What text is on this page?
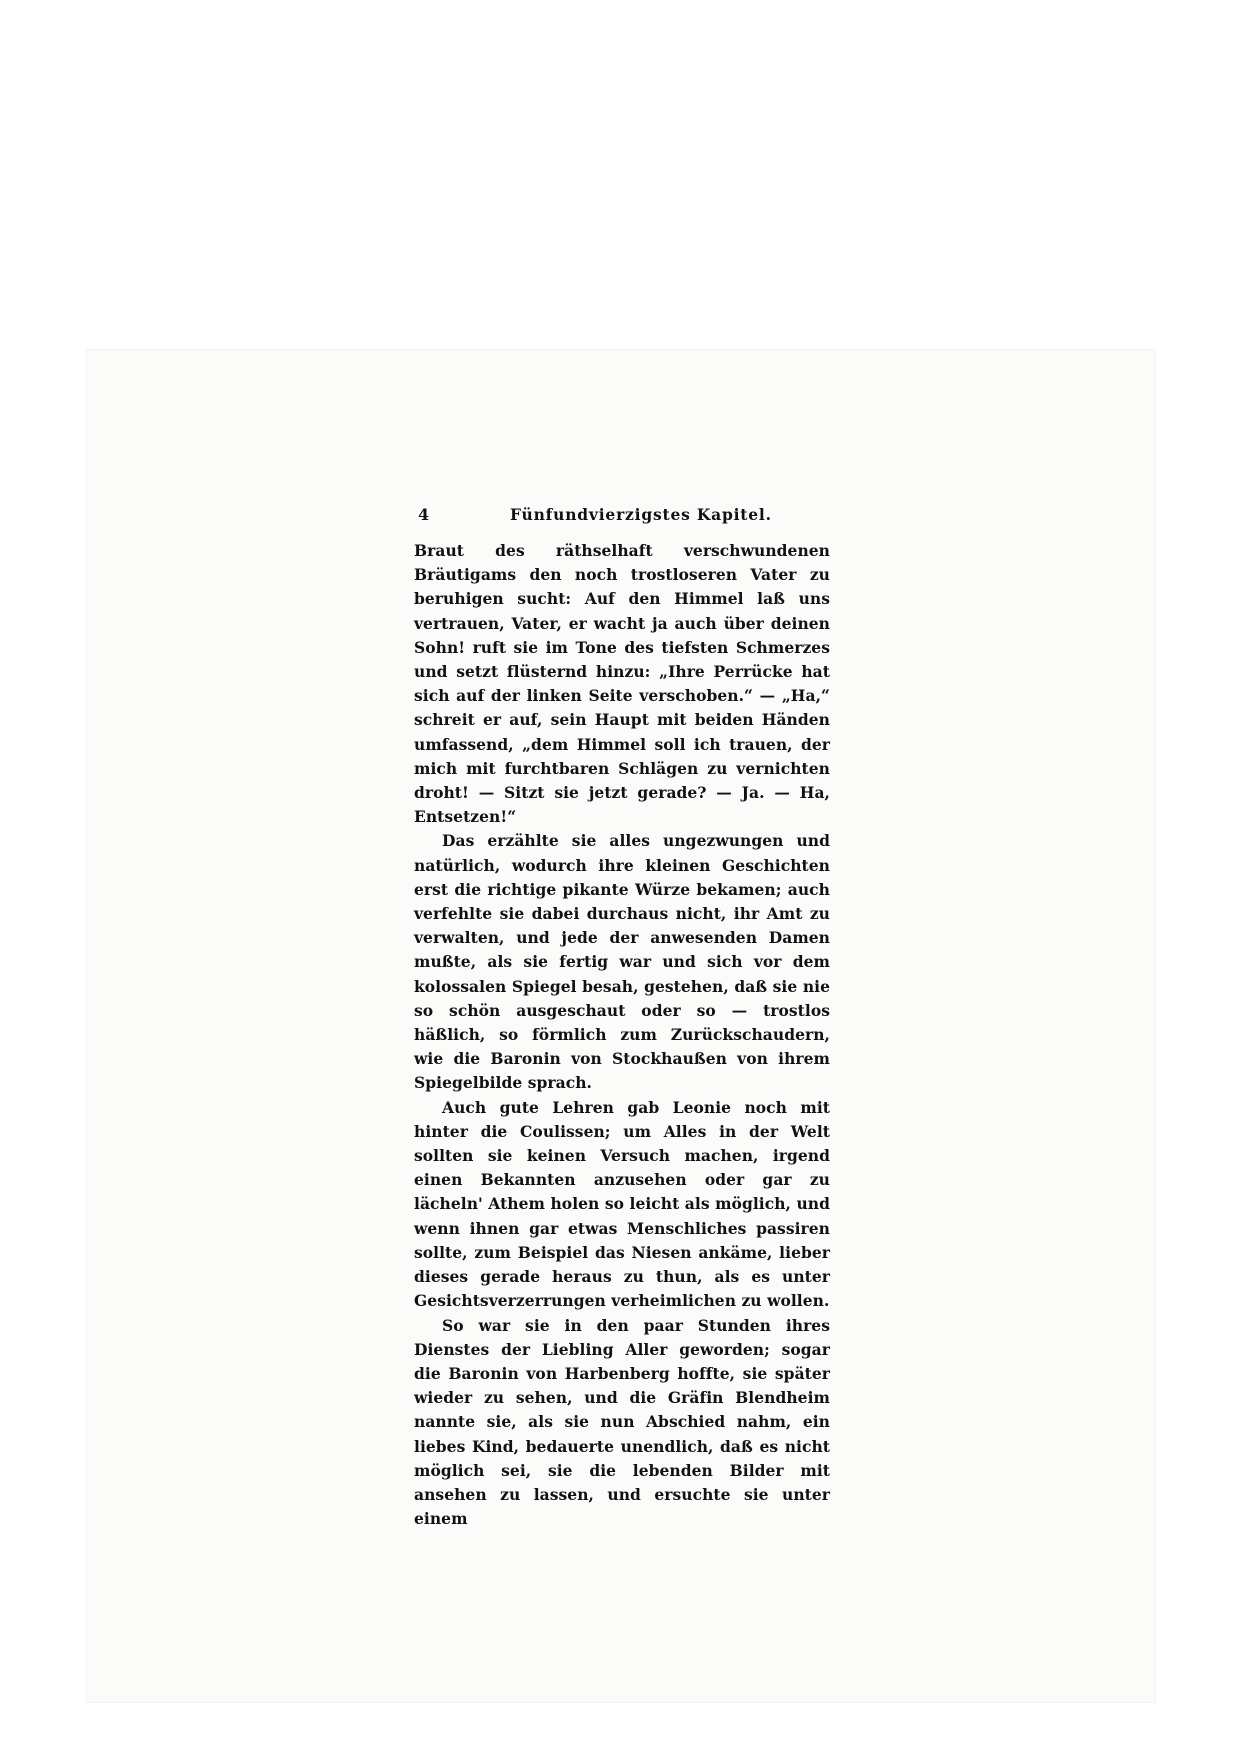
4	Fünfundvierzigstes Kapitel.

Braut des räthselhaft verschwundenen Bräutigams den noch trostloseren Vater zu beruhigen sucht: Auf den Himmel laß uns vertrauen, Vater, er wacht ja auch über deinen Sohn! ruft sie im Tone des tiefsten Schmerzes und setzt flüsternd hinzu: „Ihre Perrücke hat sich auf der linken Seite verschoben.“ — „Ha,“ schreit er auf, sein Haupt mit beiden Händen umfassend, „dem Himmel soll ich trauen, der mich mit furchtbaren Schlägen zu vernichten droht! — Sitzt sie jetzt gerade? — Ja. — Ha, Entsetzen!“

Das erzählte sie alles ungezwungen und natürlich, wodurch ihre kleinen Geschichten erst die richtige pikante Würze bekamen; auch verfehlte sie dabei durchaus nicht, ihr Amt zu verwalten, und jede der anwesenden Damen mußte, als sie fertig war und sich vor dem kolossalen Spiegel besah, gestehen, daß sie nie so schön ausgeschaut oder so — trostlos häßlich, so förmlich zum Zurückschaudern, wie die Baronin von Stockhaußen von ihrem Spiegelbilde sprach.

Auch gute Lehren gab Leonie noch mit hinter die Coulissen; um Alles in der Welt sollten sie keinen Versuch machen, irgend einen Bekannten anzusehen oder gar zu lächeln' Athem holen so leicht als möglich, und wenn ihnen gar etwas Menschliches passiren sollte, zum Beispiel das Niesen ankäme, lieber dieses gerade heraus zu thun, als es unter Gesichtsverzerrungen verheimlichen zu wollen.

So war sie in den paar Stunden ihres Dienstes der Liebling Aller geworden; sogar die Baronin von Harbenberg hoffte, sie später wieder zu sehen, und die Gräfin Blendheim nannte sie, als sie nun Abschied nahm, ein liebes Kind, bedauerte unendlich, daß es nicht möglich sei, sie die lebenden Bilder mit ansehen zu lassen, und ersuchte sie unter einem
